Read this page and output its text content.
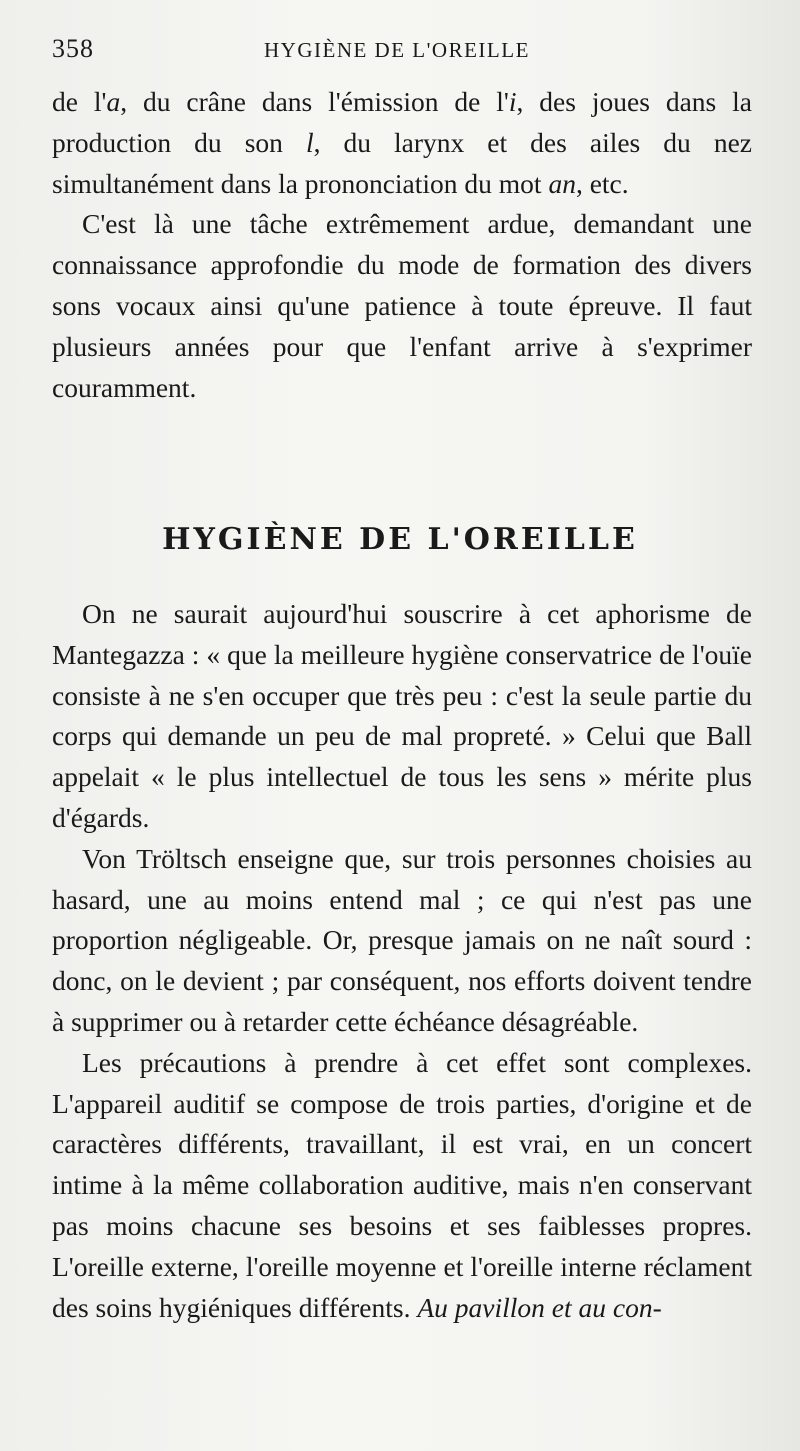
358	HYGIÈNE DE L'OREILLE

de l'a, du crâne dans l'émission de l'i, des joues dans la production du son l, du larynx et des ailes du nez simultanément dans la prononciation du mot an, etc.

C'est là une tâche extrêmement ardue, demandant une connaissance approfondie du mode de formation des divers sons vocaux ainsi qu'une patience à toute épreuve. Il faut plusieurs années pour que l'enfant arrive à s'exprimer couramment.

HYGIÈNE DE L'OREILLE

On ne saurait aujourd'hui souscrire à cet aphorisme de Mantegazza : « que la meilleure hygiène conservatrice de l'ouïe consiste à ne s'en occuper que très peu : c'est la seule partie du corps qui demande un peu de mal propreté. » Celui que Ball appelait « le plus intellectuel de tous les sens » mérite plus d'égards.

Von Tröltsch enseigne que, sur trois personnes choisies au hasard, une au moins entend mal ; ce qui n'est pas une proportion négligeable. Or, presque jamais on ne naît sourd : donc, on le devient ; par conséquent, nos efforts doivent tendre à supprimer ou à retarder cette échéance désagréable.

Les précautions à prendre à cet effet sont complexes. L'appareil auditif se compose de trois parties, d'origine et de caractères différents, travaillant, il est vrai, en un concert intime à la même collaboration auditive, mais n'en conservant pas moins chacune ses besoins et ses faiblesses propres. L'oreille externe, l'oreille moyenne et l'oreille interne réclament des soins hygiéniques différents. Au pavillon et au con-
